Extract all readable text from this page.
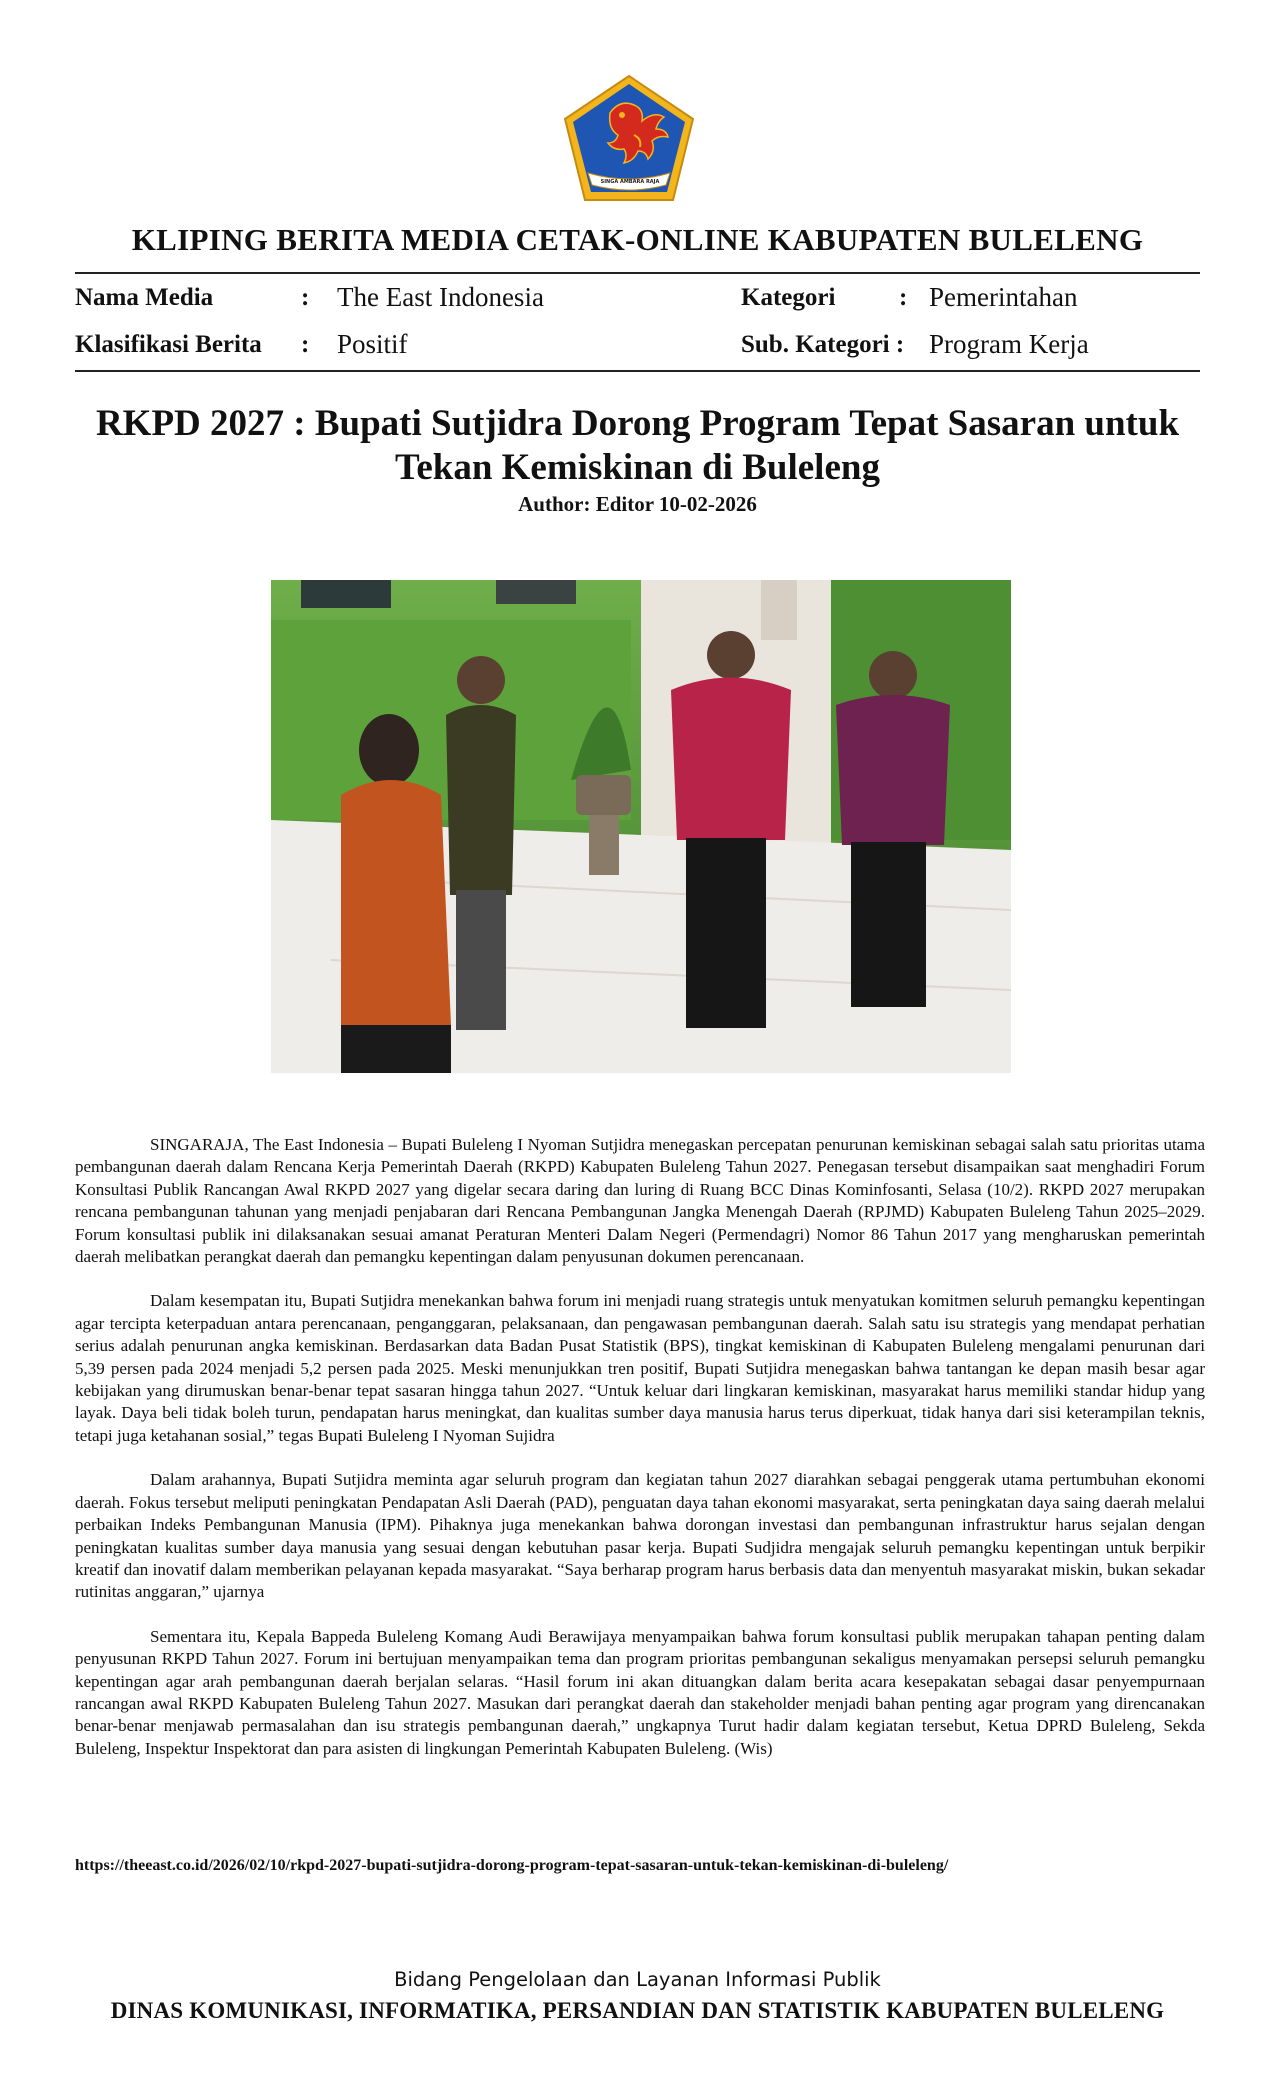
SINGA AMBARA RAJA
KLIPING BERITA MEDIA CETAK-ONLINE KABUPATEN BULELENG
Nama Media	: The East Indonesia	Kategori	: Pemerintahan
Klasifikasi Berita : Positif	Sub. Kategori : Program Kerja
RKPD 2027 : Bupati Sutjidra Dorong Program Tepat Sasaran untuk
Tekan Kemiskinan di Buleleng
Author: Editor 10-02-2026

SINGARAJA, The East Indonesia – Bupati Buleleng I Nyoman Sutjidra menegaskan percepatan penurunan kemiskinan sebagai salah satu prioritas utama pembangunan daerah dalam Rencana Kerja Pemerintah Daerah (RKPD) Kabupaten Buleleng Tahun 2027. Penegasan tersebut disampaikan saat menghadiri Forum Konsultasi Publik Rancangan Awal RKPD 2027 yang digelar secara daring dan luring di Ruang BCC Dinas Kominfosanti, Selasa (10/2). RKPD 2027 merupakan rencana pembangunan tahunan yang menjadi penjabaran dari Rencana Pembangunan Jangka Menengah Daerah (RPJMD) Kabupaten Buleleng Tahun 2025–2029. Forum konsultasi publik ini dilaksanakan sesuai amanat Peraturan Menteri Dalam Negeri (Permendagri) Nomor 86 Tahun 2017 yang mengharuskan pemerintah daerah melibatkan perangkat daerah dan pemangku kepentingan dalam penyusunan dokumen perencanaan.

Dalam kesempatan itu, Bupati Sutjidra menekankan bahwa forum ini menjadi ruang strategis untuk menyatukan komitmen seluruh pemangku kepentingan agar tercipta keterpaduan antara perencanaan, penganggaran, pelaksanaan, dan pengawasan pembangunan daerah. Salah satu isu strategis yang mendapat perhatian serius adalah penurunan angka kemiskinan. Berdasarkan data Badan Pusat Statistik (BPS), tingkat kemiskinan di Kabupaten Buleleng mengalami penurunan dari 5,39 persen pada 2024 menjadi 5,2 persen pada 2025. Meski menunjukkan tren positif, Bupati Sutjidra menegaskan bahwa tantangan ke depan masih besar agar kebijakan yang dirumuskan benar-benar tepat sasaran hingga tahun 2027. “Untuk keluar dari lingkaran kemiskinan, masyarakat harus memiliki standar hidup yang layak. Daya beli tidak boleh turun, pendapatan harus meningkat, dan kualitas sumber daya manusia harus terus diperkuat, tidak hanya dari sisi keterampilan teknis, tetapi juga ketahanan sosial,” tegas Bupati Buleleng I Nyoman Sujidra

Dalam arahannya, Bupati Sutjidra meminta agar seluruh program dan kegiatan tahun 2027 diarahkan sebagai penggerak utama pertumbuhan ekonomi daerah. Fokus tersebut meliputi peningkatan Pendapatan Asli Daerah (PAD), penguatan daya tahan ekonomi masyarakat, serta peningkatan daya saing daerah melalui perbaikan Indeks Pembangunan Manusia (IPM). Pihaknya juga menekankan bahwa dorongan investasi dan pembangunan infrastruktur harus sejalan dengan peningkatan kualitas sumber daya manusia yang sesuai dengan kebutuhan pasar kerja. Bupati Sudjidra mengajak seluruh pemangku kepentingan untuk berpikir kreatif dan inovatif dalam memberikan pelayanan kepada masyarakat. “Saya berharap program harus berbasis data dan menyentuh masyarakat miskin, bukan sekadar rutinitas anggaran,” ujarnya

Sementara itu, Kepala Bappeda Buleleng Komang Audi Berawijaya menyampaikan bahwa forum konsultasi publik merupakan tahapan penting dalam penyusunan RKPD Tahun 2027. Forum ini bertujuan menyampaikan tema dan program prioritas pembangunan sekaligus menyamakan persepsi seluruh pemangku kepentingan agar arah pembangunan daerah berjalan selaras. “Hasil forum ini akan dituangkan dalam berita acara kesepakatan sebagai dasar penyempurnaan rancangan awal RKPD Kabupaten Buleleng Tahun 2027. Masukan dari perangkat daerah dan stakeholder menjadi bahan penting agar program yang direncanakan benar-benar menjawab permasalahan dan isu strategis pembangunan daerah,” ungkapnya Turut hadir dalam kegiatan tersebut, Ketua DPRD Buleleng, Sekda Buleleng, Inspektur Inspektorat dan para asisten di lingkungan Pemerintah Kabupaten Buleleng. (Wis)

https://theeast.co.id/2026/02/10/rkpd-2027-bupati-sutjidra-dorong-program-tepat-sasaran-untuk-tekan-kemiskinan-di-buleleng/
Bidang Pengelolaan dan Layanan Informasi Publik
DINAS KOMUNIKASI, INFORMATIKA, PERSANDIAN DAN STATISTIK KABUPATEN BULELENG
